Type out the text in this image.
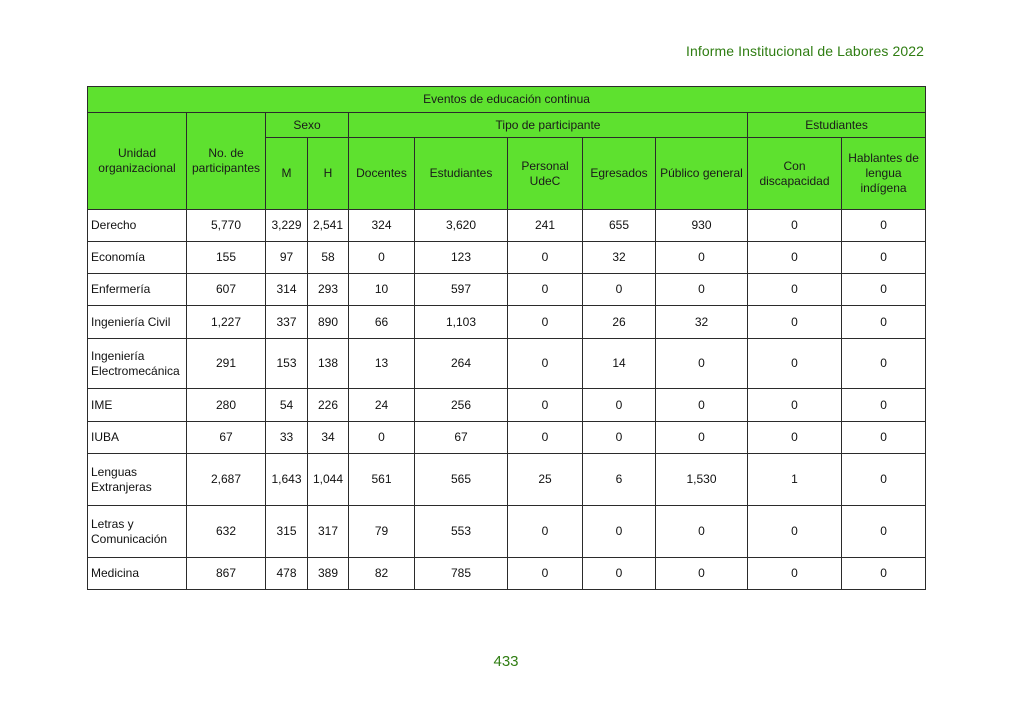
Informe Institucional de Labores 2022
Eventos de educación continua										
Unidad organizacional	No. de participantes	Sexo		Tipo de participante					Estudiantes	
		M	H	Docentes	Estudiantes	Personal UdeC	Egresados	Público general	Con discapacidad	Hablantes de lengua indígena
Derecho	5,770	3,229	2,541	324	3,620	241	655	930	0	0
Economía	155	97	58	0	123	0	32	0	0	0
Enfermería	607	314	293	10	597	0	0	0	0	0
Ingeniería Civil	1,227	337	890	66	1,103	0	26	32	0	0
Ingeniería Electromecánica	291	153	138	13	264	0	14	0	0	0
IME	280	54	226	24	256	0	0	0	0	0
IUBA	67	33	34	0	67	0	0	0	0	0
Lenguas Extranjeras	2,687	1,643	1,044	561	565	25	6	1,530	1	0
Letras y Comunicación	632	315	317	79	553	0	0	0	0	0
Medicina	867	478	389	82	785	0	0	0	0	0
433
